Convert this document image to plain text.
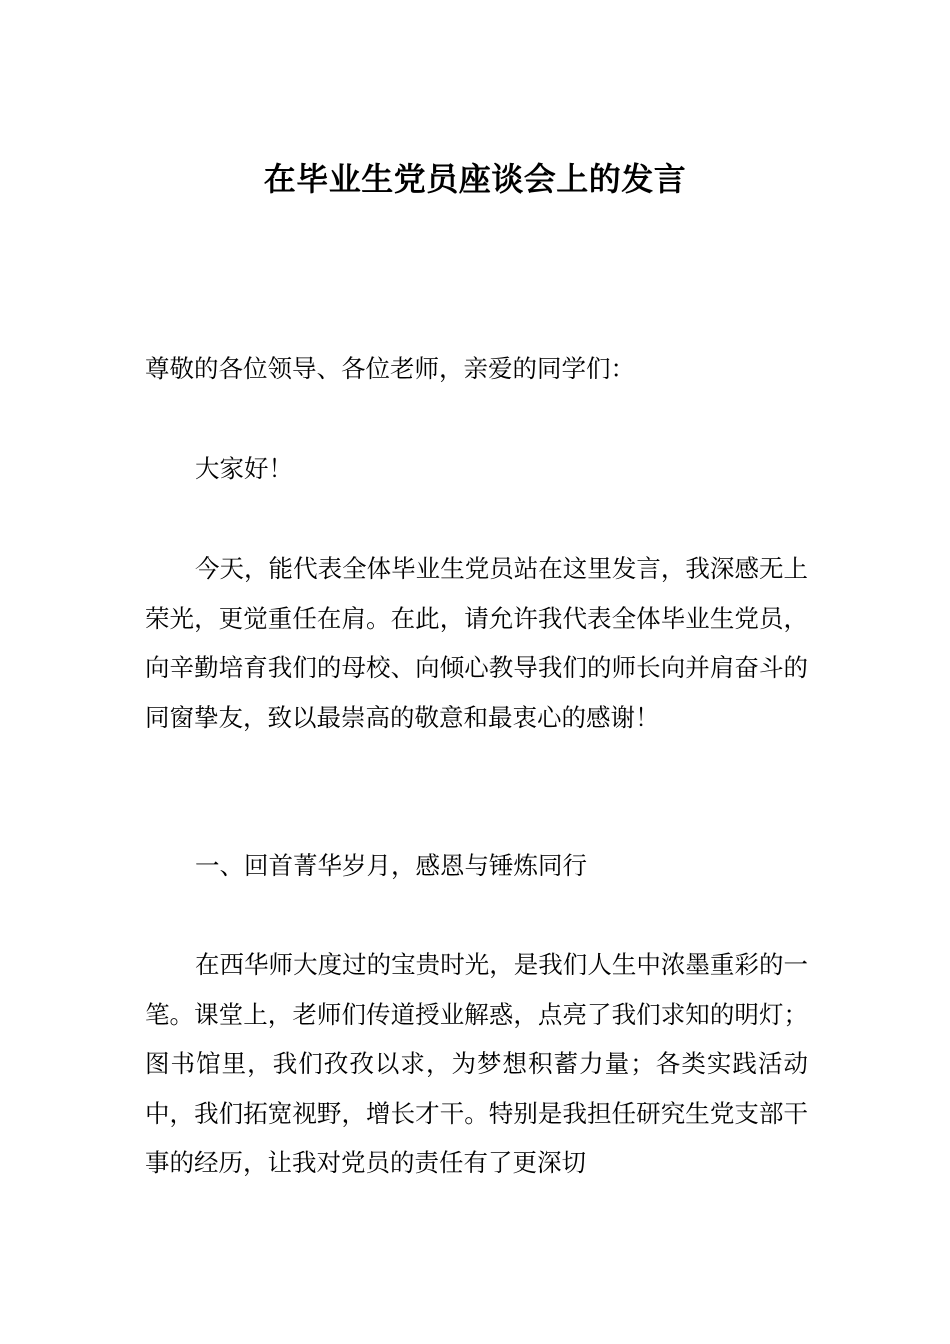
在毕业生党员座谈会上的发言

尊敬的各位领导、各位老师，亲爱的同学们：

大家好！

今天，能代表全体毕业生党员站在这里发言，我深感无上荣光，更觉重任在肩。在此，请允许我代表全体毕业生党员，向辛勤培育我们的母校、向倾心教导我们的师长向并肩奋斗的同窗挚友，致以最崇高的敬意和最衷心的感谢！

一、回首菁华岁月，感恩与锤炼同行

在西华师大度过的宝贵时光，是我们人生中浓墨重彩的一笔。课堂上，老师们传道授业解惑，点亮了我们求知的明灯；图书馆里，我们孜孜以求，为梦想积蓄力量；各类实践活动中，我们拓宽视野，增长才干。特别是我担任研究生党支部干事的经历，让我对党员的责任有了更深切
